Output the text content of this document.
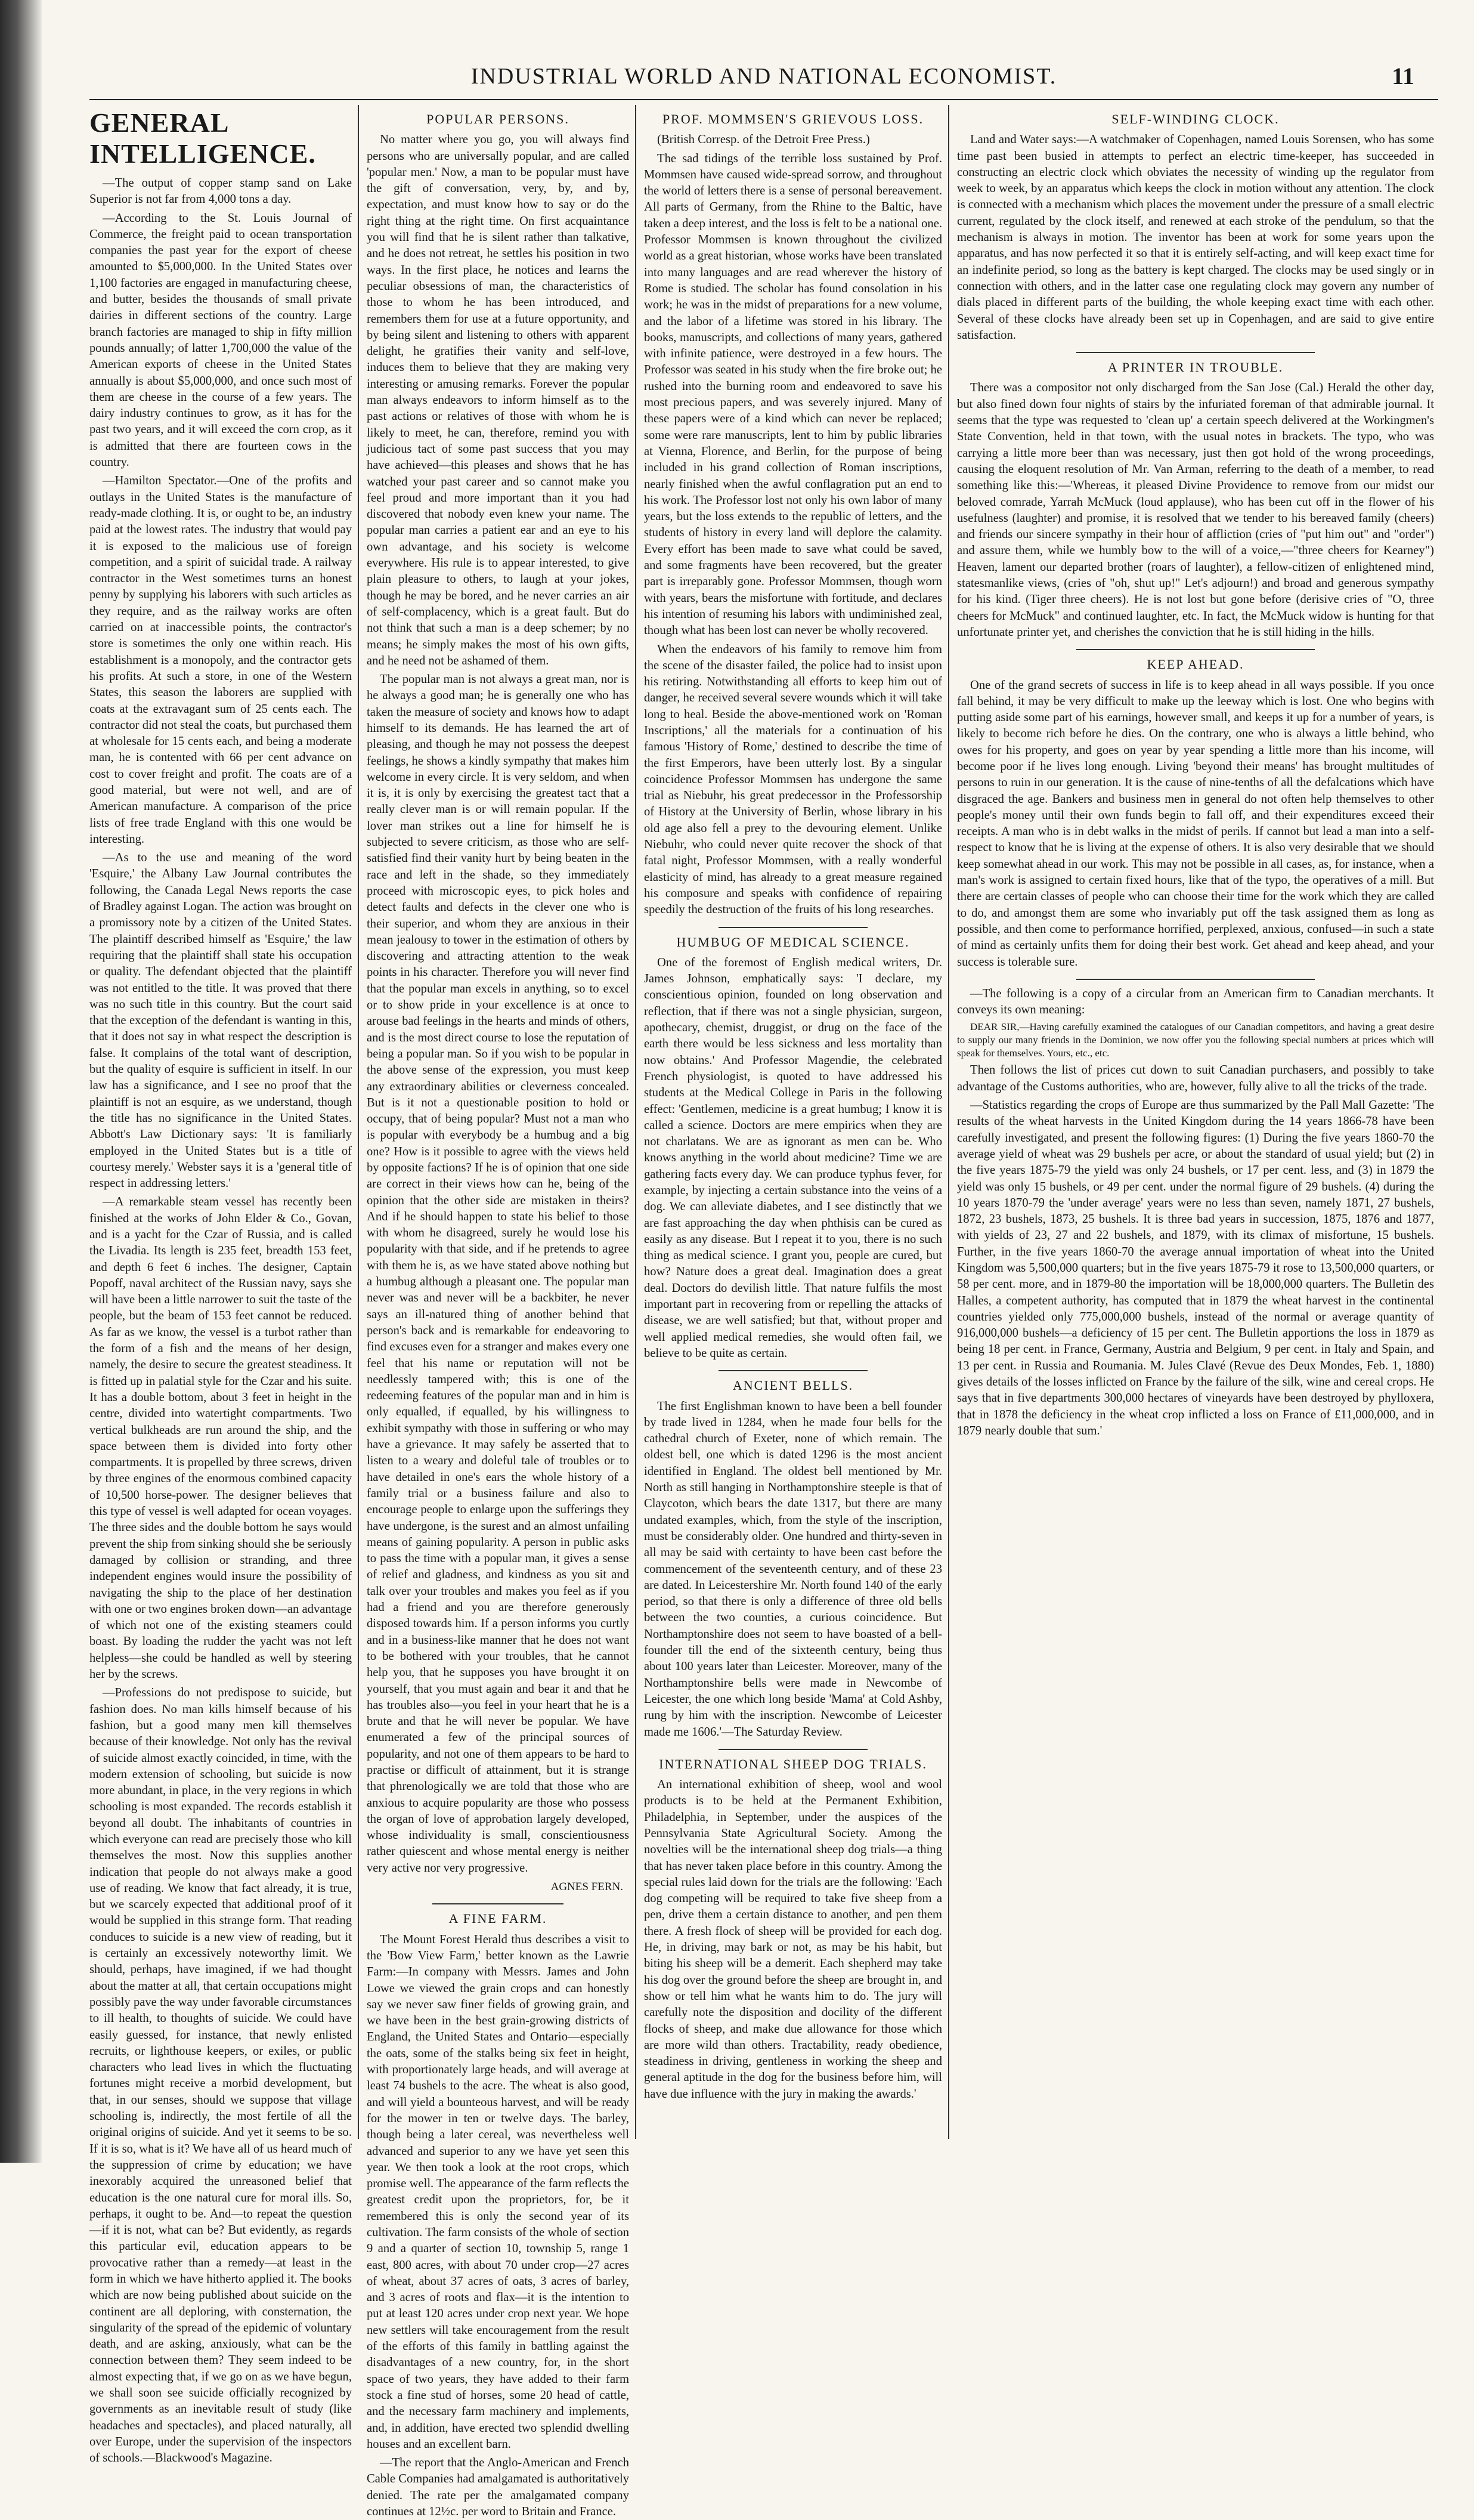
INDUSTRIAL WORLD AND NATIONAL ECONOMIST.	11
GENERAL INTELLIGENCE.

—The output of copper stamp sand on Lake Superior is not far from 4,000 tons a day.

—According to the St. Louis Journal of Commerce, the freight paid to ocean transportation companies the past year for the export of cheese amounted to $5,000,000. In the United States over 1,100 factories are engaged in manufacturing cheese, and butter, besides the thousands of small private dairies in different sections of the country. Large branch factories are managed to ship in fifty million pounds annually; of latter 1,700,000 the value of the American exports of cheese in the United States annually is about $5,000,000, and once such most of them are cheese in the course of a few years. The dairy industry continues to grow, as it has for the past two years, and it will exceed the corn crop, as it is admitted that there are fourteen cows in the country.

—Hamilton Spectator.—One of the profits and outlays in the United States is the manufacture of ready-made clothing. It is, or ought to be, an industry paid at the lowest rates. The industry that would pay it is exposed to the malicious use of foreign competition, and a spirit of suicidal trade. A railway contractor in the West sometimes turns an honest penny by supplying his laborers with such articles as they require, and as the railway works are often carried on at inaccessible points, the contractor's store is sometimes the only one within reach. His establishment is a monopoly, and the contractor gets his profits. At such a store, in one of the Western States, this season the laborers are supplied with coats at the extravagant sum of 25 cents each. The contractor did not steal the coats, but purchased them at wholesale for 15 cents each, and being a moderate man, he is contented with 66 per cent advance on cost to cover freight and profit. The coats are of a good material, but were not well, and are of American manufacture. A comparison of the price lists of free trade England with this one would be interesting.

—As to the use and meaning of the word 'Esquire,' the Albany Law Journal contributes the following, the Canada Legal News reports the case of Bradley against Logan. The action was brought on a promissory note by a citizen of the United States. The plaintiff described himself as 'Esquire,' the law requiring that the plaintiff shall state his occupation or quality. The defendant objected that the plaintiff was not entitled to the title. It was proved that there was no such title in this country. But the court said that the exception of the defendant is wanting in this, that it does not say in what respect the description is false. It complains of the total want of description, but the quality of esquire is sufficient in itself. In our law has a significance, and I see no proof that the plaintiff is not an esquire, as we understand, though the title has no significance in the United States. Abbott's Law Dictionary says: 'It is familiarly employed in the United States but is a title of courtesy merely.' Webster says it is a 'general title of respect in addressing letters.'

—A remarkable steam vessel has recently been finished at the works of John Elder & Co., Govan, and is a yacht for the Czar of Russia, and is called the Livadia. Its length is 235 feet, breadth 153 feet, and depth 6 feet 6 inches. The designer, Captain Popoff, naval architect of the Russian navy, says she will have been a little narrower to suit the taste of the people, but the beam of 153 feet cannot be reduced. As far as we know, the vessel is a turbot rather than the form of a fish and the means of her design, namely, the desire to secure the greatest steadiness. It is fitted up in palatial style for the Czar and his suite. It has a double bottom, about 3 feet in height in the centre, divided into watertight compartments. Two vertical bulkheads are run around the ship, and the space between them is divided into forty other compartments. It is propelled by three screws, driven by three engines of the enormous combined capacity of 10,500 horse-power. The designer believes that this type of vessel is well adapted for ocean voyages. The three sides and the double bottom he says would prevent the ship from sinking should she be seriously damaged by collision or stranding, and three independent engines would insure the possibility of navigating the ship to the place of her destination with one or two engines broken down—an advantage of which not one of the existing steamers could boast. By loading the rudder the yacht was not left helpless—she could be handled as well by steering her by the screws.

—Professions do not predispose to suicide, but fashion does. No man kills himself because of his fashion, but a good many men kill themselves because of their knowledge. Not only has the revival of suicide almost exactly coincided, in time, with the modern extension of schooling, but suicide is now more abundant, in place, in the very regions in which schooling is most expanded. The records establish it beyond all doubt. The inhabitants of countries in which everyone can read are precisely those who kill themselves the most. Now this supplies another indication that people do not always make a good use of reading. We know that fact already, it is true, but we scarcely expected that additional proof of it would be supplied in this strange form. That reading conduces to suicide is a new view of reading, but it is certainly an excessively noteworthy limit. We should, perhaps, have imagined, if we had thought about the matter at all, that certain occupations might possibly pave the way under favorable circumstances to ill health, to thoughts of suicide. We could have easily guessed, for instance, that newly enlisted recruits, or lighthouse keepers, or exiles, or public characters who lead lives in which the fluctuating fortunes might receive a morbid development, but that, in our senses, should we suppose that village schooling is, indirectly, the most fertile of all the original origins of suicide. And yet it seems to be so. If it is so, what is it? We have all of us heard much of the suppression of crime by education; we have inexorably acquired the unreasoned belief that education is the one natural cure for moral ills. So, perhaps, it ought to be. And—to repeat the question—if it is not, what can be? But evidently, as regards this particular evil, education appears to be provocative rather than a remedy—at least in the form in which we have hitherto applied it. The books which are now being published about suicide on the continent are all deploring, with consternation, the singularity of the spread of the epidemic of voluntary death, and are asking, anxiously, what can be the connection between them? They seem indeed to be almost expecting that, if we go on as we have begun, we shall soon see suicide officially recognized by governments as an inevitable result of study (like headaches and spectacles), and placed naturally, all over Europe, under the supervision of the inspectors of schools.—Blackwood's Magazine.

POPULAR PERSONS.

No matter where you go, you will always find persons who are universally popular, and are called 'popular men.' Now, a man to be popular must have the gift of conversation, very, by, and by, expectation, and must know how to say or do the right thing at the right time. On first acquaintance you will find that he is silent rather than talkative, and he does not retreat, he settles his position in two ways. In the first place, he notices and learns the peculiar obsessions of man, the characteristics of those to whom he has been introduced, and remembers them for use at a future opportunity, and by being silent and listening to others with apparent delight, he gratifies their vanity and self-love, induces them to believe that they are making very interesting or amusing remarks. Forever the popular man always endeavors to inform himself as to the past actions or relatives of those with whom he is likely to meet, he can, therefore, remind you with judicious tact of some past success that you may have achieved—this pleases and shows that he has watched your past career and so cannot make you feel proud and more important than it you had discovered that nobody even knew your name. The popular man carries a patient ear and an eye to his own advantage, and his society is welcome everywhere. His rule is to appear interested, to give plain pleasure to others, to laugh at your jokes, though he may be bored, and he never carries an air of self-complacency, which is a great fault. But do not think that such a man is a deep schemer; by no means; he simply makes the most of his own gifts, and he need not be ashamed of them.

The popular man is not always a great man, nor is he always a good man; he is generally one who has taken the measure of society and knows how to adapt himself to its demands. He has learned the art of pleasing, and though he may not possess the deepest feelings, he shows a kindly sympathy that makes him welcome in every circle. It is very seldom, and when it is, it is only by exercising the greatest tact that a really clever man is or will remain popular. If the lover man strikes out a line for himself he is subjected to severe criticism, as those who are self-satisfied find their vanity hurt by being beaten in the race and left in the shade, so they immediately proceed with microscopic eyes, to pick holes and detect faults and defects in the clever one who is their superior, and whom they are anxious in their mean jealousy to tower in the estimation of others by discovering and attracting attention to the weak points in his character. Therefore you will never find that the popular man excels in anything, so to excel or to show pride in your excellence is at once to arouse bad feelings in the hearts and minds of others, and is the most direct course to lose the reputation of being a popular man. So if you wish to be popular in the above sense of the expression, you must keep any extraordinary abilities or cleverness concealed. But is it not a questionable position to hold or occupy, that of being popular? Must not a man who is popular with everybody be a humbug and a big one? How is it possible to agree with the views held by opposite factions? If he is of opinion that one side are correct in their views how can he, being of the opinion that the other side are mistaken in theirs? And if he should happen to state his belief to those with whom he disagreed, surely he would lose his popularity with that side, and if he pretends to agree with them he is, as we have stated above nothing but a humbug although a pleasant one. The popular man never was and never will be a backbiter, he never says an ill-natured thing of another behind that person's back and is remarkable for endeavoring to find excuses even for a stranger and makes every one feel that his name or reputation will not be needlessly tampered with; this is one of the redeeming features of the popular man and in him is only equalled, if equalled, by his willingness to exhibit sympathy with those in suffering or who may have a grievance. It may safely be asserted that to listen to a weary and doleful tale of troubles or to have detailed in one's ears the whole history of a family trial or a business failure and also to encourage people to enlarge upon the sufferings they have undergone, is the surest and an almost unfailing means of gaining popularity. A person in public asks to pass the time with a popular man, it gives a sense of relief and gladness, and kindness as you sit and talk over your troubles and makes you feel as if you had a friend and you are therefore generously disposed towards him. If a person informs you curtly and in a business-like manner that he does not want to be bothered with your troubles, that he cannot help you, that he supposes you have brought it on yourself, that you must again and bear it and that he has troubles also—you feel in your heart that he is a brute and that he will never be popular. We have enumerated a few of the principal sources of popularity, and not one of them appears to be hard to practise or difficult of attainment, but it is strange that phrenologically we are told that those who are anxious to acquire popularity are those who possess the organ of love of approbation largely developed, whose individuality is small, conscientiousness rather quiescent and whose mental energy is neither very active nor very progressive.

AGNES FERN.
A FINE FARM.

The Mount Forest Herald thus describes a visit to the 'Bow View Farm,' better known as the Lawrie Farm:—In company with Messrs. James and John Lowe we viewed the grain crops and can honestly say we never saw finer fields of growing grain, and we have been in the best grain-growing districts of England, the United States and Ontario—especially the oats, some of the stalks being six feet in height, with proportionately large heads, and will average at least 74 bushels to the acre. The wheat is also good, and will yield a bounteous harvest, and will be ready for the mower in ten or twelve days. The barley, though being a later cereal, was nevertheless well advanced and superior to any we have yet seen this year. We then took a look at the root crops, which promise well. The appearance of the farm reflects the greatest credit upon the proprietors, for, be it remembered this is only the second year of its cultivation. The farm consists of the whole of section 9 and a quarter of section 10, township 5, range 1 east, 800 acres, with about 70 under crop—27 acres of wheat, about 37 acres of oats, 3 acres of barley, and 3 acres of roots and flax—it is the intention to put at least 120 acres under crop next year. We hope new settlers will take encouragement from the result of the efforts of this family in battling against the disadvantages of a new country, for, in the short space of two years, they have added to their farm stock a fine stud of horses, some 20 head of cattle, and the necessary farm machinery and implements, and, in addition, have erected two splendid dwelling houses and an excellent barn.

—The report that the Anglo-American and French Cable Companies had amalgamated is authoritatively denied. The rate per the amalgamated company continues at 12½c. per word to Britain and France.

PROF. MOMMSEN'S GRIEVOUS LOSS.

(British Corresp. of the Detroit Free Press.)

The sad tidings of the terrible loss sustained by Prof. Mommsen have caused wide-spread sorrow, and throughout the world of letters there is a sense of personal bereavement. All parts of Germany, from the Rhine to the Baltic, have taken a deep interest, and the loss is felt to be a national one. Professor Mommsen is known throughout the civilized world as a great historian, whose works have been translated into many languages and are read wherever the history of Rome is studied. The scholar has found consolation in his work; he was in the midst of preparations for a new volume, and the labor of a lifetime was stored in his library. The books, manuscripts, and collections of many years, gathered with infinite patience, were destroyed in a few hours. The Professor was seated in his study when the fire broke out; he rushed into the burning room and endeavored to save his most precious papers, and was severely injured. Many of these papers were of a kind which can never be replaced; some were rare manuscripts, lent to him by public libraries at Vienna, Florence, and Berlin, for the purpose of being included in his grand collection of Roman inscriptions, nearly finished when the awful conflagration put an end to his work. The Professor lost not only his own labor of many years, but the loss extends to the republic of letters, and the students of history in every land will deplore the calamity. Every effort has been made to save what could be saved, and some fragments have been recovered, but the greater part is irreparably gone. Professor Mommsen, though worn with years, bears the misfortune with fortitude, and declares his intention of resuming his labors with undiminished zeal, though what has been lost can never be wholly recovered.

When the endeavors of his family to remove him from the scene of the disaster failed, the police had to insist upon his retiring. Notwithstanding all efforts to keep him out of danger, he received several severe wounds which it will take long to heal. Beside the above-mentioned work on 'Roman Inscriptions,' all the materials for a continuation of his famous 'History of Rome,' destined to describe the time of the first Emperors, have been utterly lost. By a singular coincidence Professor Mommsen has undergone the same trial as Niebuhr, his great predecessor in the Professorship of History at the University of Berlin, whose library in his old age also fell a prey to the devouring element. Unlike Niebuhr, who could never quite recover the shock of that fatal night, Professor Mommsen, with a really wonderful elasticity of mind, has already to a great measure regained his composure and speaks with confidence of repairing speedily the destruction of the fruits of his long researches.

HUMBUG OF MEDICAL SCIENCE.

One of the foremost of English medical writers, Dr. James Johnson, emphatically says: 'I declare, my conscientious opinion, founded on long observation and reflection, that if there was not a single physician, surgeon, apothecary, chemist, druggist, or drug on the face of the earth there would be less sickness and less mortality than now obtains.' And Professor Magendie, the celebrated French physiologist, is quoted to have addressed his students at the Medical College in Paris in the following effect: 'Gentlemen, medicine is a great humbug; I know it is called a science. Doctors are mere empirics when they are not charlatans. We are as ignorant as men can be. Who knows anything in the world about medicine? Time we are gathering facts every day. We can produce typhus fever, for example, by injecting a certain substance into the veins of a dog. We can alleviate diabetes, and I see distinctly that we are fast approaching the day when phthisis can be cured as easily as any disease. But I repeat it to you, there is no such thing as medical science. I grant you, people are cured, but how? Nature does a great deal. Imagination does a great deal. Doctors do devilish little. That nature fulfils the most important part in recovering from or repelling the attacks of disease, we are well satisfied; but that, without proper and well applied medical remedies, she would often fail, we believe to be quite as certain.

ANCIENT BELLS.

The first Englishman known to have been a bell founder by trade lived in 1284, when he made four bells for the cathedral church of Exeter, none of which remain. The oldest bell, one which is dated 1296 is the most ancient identified in England. The oldest bell mentioned by Mr. North as still hanging in Northamptonshire steeple is that of Claycoton, which bears the date 1317, but there are many undated examples, which, from the style of the inscription, must be considerably older. One hundred and thirty-seven in all may be said with certainty to have been cast before the commencement of the seventeenth century, and of these 23 are dated. In Leicestershire Mr. North found 140 of the early period, so that there is only a difference of three old bells between the two counties, a curious coincidence. But Northamptonshire does not seem to have boasted of a bell-founder till the end of the sixteenth century, being thus about 100 years later than Leicester. Moreover, many of the Northamptonshire bells were made in Newcombe of Leicester, the one which long beside 'Mama' at Cold Ashby, rung by him with the inscription. Newcombe of Leicester made me 1606.'—The Saturday Review.

INTERNATIONAL SHEEP DOG TRIALS.

An international exhibition of sheep, wool and wool products is to be held at the Permanent Exhibition, Philadelphia, in September, under the auspices of the Pennsylvania State Agricultural Society. Among the novelties will be the international sheep dog trials—a thing that has never taken place before in this country. Among the special rules laid down for the trials are the following: 'Each dog competing will be required to take five sheep from a pen, drive them a certain distance to another, and pen them there. A fresh flock of sheep will be provided for each dog. He, in driving, may bark or not, as may be his habit, but biting his sheep will be a demerit. Each shepherd may take his dog over the ground before the sheep are brought in, and show or tell him what he wants him to do. The jury will carefully note the disposition and docility of the different flocks of sheep, and make due allowance for those which are more wild than others. Tractability, ready obedience, steadiness in driving, gentleness in working the sheep and general aptitude in the dog for the business before him, will have due influence with the jury in making the awards.'

SELF-WINDING CLOCK.

Land and Water says:—A watchmaker of Copenhagen, named Louis Sorensen, who has some time past been busied in attempts to perfect an electric time-keeper, has succeeded in constructing an electric clock which obviates the necessity of winding up the regulator from week to week, by an apparatus which keeps the clock in motion without any attention. The clock is connected with a mechanism which places the movement under the pressure of a small electric current, regulated by the clock itself, and renewed at each stroke of the pendulum, so that the mechanism is always in motion. The inventor has been at work for some years upon the apparatus, and has now perfected it so that it is entirely self-acting, and will keep exact time for an indefinite period, so long as the battery is kept charged. The clocks may be used singly or in connection with others, and in the latter case one regulating clock may govern any number of dials placed in different parts of the building, the whole keeping exact time with each other. Several of these clocks have already been set up in Copenhagen, and are said to give entire satisfaction.

A PRINTER IN TROUBLE.

There was a compositor not only discharged from the San Jose (Cal.) Herald the other day, but also fined down four nights of stairs by the infuriated foreman of that admirable journal. It seems that the type was requested to 'clean up' a certain speech delivered at the Workingmen's State Convention, held in that town, with the usual notes in brackets. The typo, who was carrying a little more beer than was necessary, just then got hold of the wrong proceedings, causing the eloquent resolution of Mr. Van Arman, referring to the death of a member, to read something like this:—'Whereas, it pleased Divine Providence to remove from our midst our beloved comrade, Yarrah McMuck (loud applause), who has been cut off in the flower of his usefulness (laughter) and promise, it is resolved that we tender to his bereaved family (cheers) and friends our sincere sympathy in their hour of affliction (cries of "put him out" and "order") and assure them, while we humbly bow to the will of a voice,—"three cheers for Kearney") Heaven, lament our departed brother (roars of laughter), a fellow-citizen of enlightened mind, statesmanlike views, (cries of "oh, shut up!" Let's adjourn!) and broad and generous sympathy for his kind. (Tiger three cheers). He is not lost but gone before (derisive cries of "O, three cheers for McMuck" and continued laughter, etc. In fact, the McMuck widow is hunting for that unfortunate printer yet, and cherishes the conviction that he is still hiding in the hills.

KEEP AHEAD.

One of the grand secrets of success in life is to keep ahead in all ways possible. If you once fall behind, it may be very difficult to make up the leeway which is lost. One who begins with putting aside some part of his earnings, however small, and keeps it up for a number of years, is likely to become rich before he dies. On the contrary, one who is always a little behind, who owes for his property, and goes on year by year spending a little more than his income, will become poor if he lives long enough. Living 'beyond their means' has brought multitudes of persons to ruin in our generation. It is the cause of nine-tenths of all the defalcations which have disgraced the age. Bankers and business men in general do not often help themselves to other people's money until their own funds begin to fall off, and their expenditures exceed their receipts. A man who is in debt walks in the midst of perils. If cannot but lead a man into a self-respect to know that he is living at the expense of others. It is also very desirable that we should keep somewhat ahead in our work. This may not be possible in all cases, as, for instance, when a man's work is assigned to certain fixed hours, like that of the typo, the operatives of a mill. But there are certain classes of people who can choose their time for the work which they are called to do, and amongst them are some who invariably put off the task assigned them as long as possible, and then come to performance horrified, perplexed, anxious, confused—in such a state of mind as certainly unfits them for doing their best work. Get ahead and keep ahead, and your success is tolerable sure.

—The following is a copy of a circular from an American firm to Canadian merchants. It conveys its own meaning:

DEAR SIR,—Having carefully examined the catalogues of our Canadian competitors, and having a great desire to supply our many friends in the Dominion, we now offer you the following special numbers at prices which will speak for themselves. Yours, etc., etc.

Then follows the list of prices cut down to suit Canadian purchasers, and possibly to take advantage of the Customs authorities, who are, however, fully alive to all the tricks of the trade.

—Statistics regarding the crops of Europe are thus summarized by the Pall Mall Gazette: 'The results of the wheat harvests in the United Kingdom during the 14 years 1866-78 have been carefully investigated, and present the following figures: (1) During the five years 1860-70 the average yield of wheat was 29 bushels per acre, or about the standard of usual yield; but (2) in the five years 1875-79 the yield was only 24 bushels, or 17 per cent. less, and (3) in 1879 the yield was only 15 bushels, or 49 per cent. under the normal figure of 29 bushels. (4) during the 10 years 1870-79 the 'under average' years were no less than seven, namely 1871, 27 bushels, 1872, 23 bushels, 1873, 25 bushels. It is three bad years in succession, 1875, 1876 and 1877, with yields of 23, 27 and 22 bushels, and 1879, with its climax of misfortune, 15 bushels. Further, in the five years 1860-70 the average annual importation of wheat into the United Kingdom was 5,500,000 quarters; but in the five years 1875-79 it rose to 13,500,000 quarters, or 58 per cent. more, and in 1879-80 the importation will be 18,000,000 quarters. The Bulletin des Halles, a competent authority, has computed that in 1879 the wheat harvest in the continental countries yielded only 775,000,000 bushels, instead of the normal or average quantity of 916,000,000 bushels—a deficiency of 15 per cent. The Bulletin apportions the loss in 1879 as being 18 per cent. in France, Germany, Austria and Belgium, 9 per cent. in Italy and Spain, and 13 per cent. in Russia and Roumania. M. Jules Clavé (Revue des Deux Mondes, Feb. 1, 1880) gives details of the losses inflicted on France by the failure of the silk, wine and cereal crops. He says that in five departments 300,000 hectares of vineyards have been destroyed by phylloxera, that in 1878 the deficiency in the wheat crop inflicted a loss on France of £11,000,000, and in 1879 nearly double that sum.'
